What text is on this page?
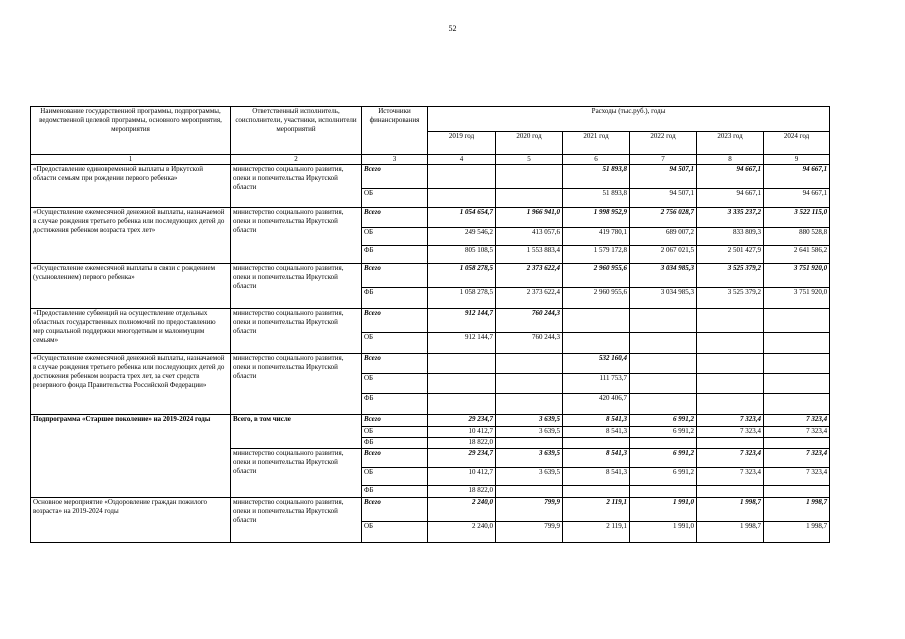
52
Наименование государственной программы, подпрограммы, ведомственной целевой программы, основного мероприятия, мероприятия	Ответственный исполнитель, соисполнители, участники, исполнители мероприятий	Источники финансирования	Расходы (тыс.руб.), годы					
			2019 год	2020 год	2021 год	2022 год	2023 год	2024 год
1	2	3	4	5	6	7	8	9
«Предоставление единовременной выплаты в Иркутской области семьям при рождении первого ребенка»	министерство социального развития, опеки и попечительства Иркутской области	Всего			51 893,8	94 507,1	94 667,1	94 667,1
		ОБ			51 893,8	94 507,1	94 667,1	94 667,1
«Осуществление ежемесячной денежной выплаты, назначаемой в случае рождения третьего ребенка или последующих детей до достижения ребенком возраста трех лет»	министерство социального развития, опеки и попечительства Иркутской области	Всего	1 054 654,7	1 966 941,0	1 998 952,9	2 756 028,7	3 335 237,2	3 522 115,0
		ОБ	249 546,2	413 057,6	419 780,1	689 007,2	833 809,3	880 528,8
		ФБ	805 108,5	1 553 883,4	1 579 172,8	2 067 021,5	2 501 427,9	2 641 586,2
«Осуществление ежемесячной выплаты в связи с рождением (усыновлением) первого ребенка»	министерство социального развития, опеки и попечительства Иркутской области	Всего	1 058 278,5	2 373 622,4	2 960 955,6	3 034 985,3	3 525 379,2	3 751 920,0
		ФБ	1 058 278,5	2 373 622,4	2 960 955,6	3 034 985,3	3 525 379,2	3 751 920,0
«Предоставление субвенций на осуществление отдельных областных государственных полномочий по предоставлению мер социальной поддержки многодетным и малоимущим семьям»	министерство социального развития, опеки и попечительства Иркутской области	Всего	912 144,7	760 244,3				
		ОБ	912 144,7	760 244,3				
«Осуществление ежемесячной денежной выплаты, назначаемой в случае рождения третьего ребенка или последующих детей до достижения ребенком возраста трех лет, за счет средств резервного фонда Правительства Российской Федерации»	министерство социального развития, опеки и попечительства Иркутской области	Всего			532 160,4			
		ОБ			111 753,7			
		ФБ			420 406,7			
Подпрограмма «Старшее поколение» на 2019-2024 годы	Всего, в том числе	Всего	29 234,7	3 639,5	8 541,3	6 991,2	7 323,4	7 323,4
		ОБ	10 412,7	3 639,5	8 541,3	6 991,2	7 323,4	7 323,4
		ФБ	18 822,0					
	министерство социального развития, опеки и попечительства Иркутской области	Всего	29 234,7	3 639,5	8 541,3	6 991,2	7 323,4	7 323,4
		ОБ	10 412,7	3 639,5	8 541,3	6 991,2	7 323,4	7 323,4
		ФБ	18 822,0					
Основное мероприятие «Оздоровление граждан пожилого возраста» на 2019-2024 годы	министерство социального развития, опеки и попечительства Иркутской области	Всего	2 240,0	799,9	2 119,1	1 991,0	1 998,7	1 998,7
		ОБ	2 240,0	799,9	2 119,1	1 991,0	1 998,7	1 998,7
